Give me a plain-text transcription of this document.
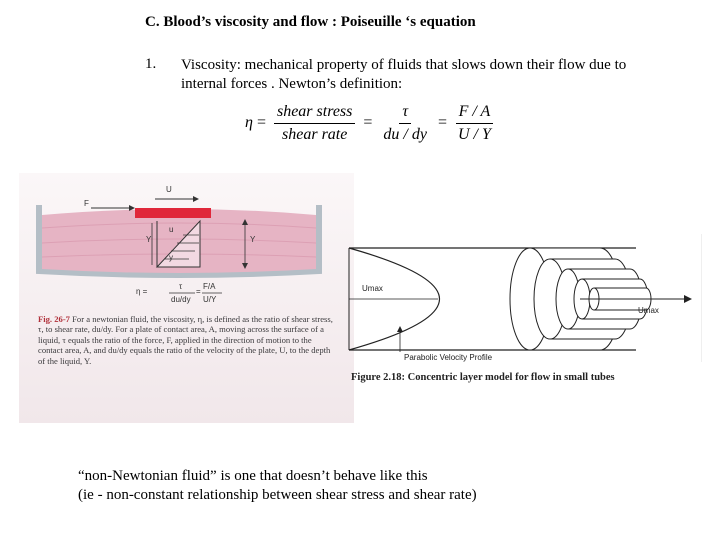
C. Blood’s viscosity and flow : Poiseuille ‘s equation
1. Viscosity: mechanical property of fluids that slows down their flow due to internal forces . Newton’s definition:
$\eta = \frac{\text{shear stress}}{\text{shear rate}} = \frac{\tau}{du / dy} = \frac{F / A}{U / Y}$
U
F
u
Y	Y
y
η =
τ
du/dy
=
F/A
U/Y
Fig. 26-7 For a newtonian fluid, the viscosity, η, is defined as the ratio of shear stress, τ, to shear rate, du/dy. For a plate of contact area, A, moving across the surface of a liquid, τ equals the ratio of the force, F, applied in the direction of motion to the contact area, A, and du/dy equals the ratio of the velocity of the plate, U, to the depth of the liquid, Y.
Umax
Umax
Parabolic Velocity Profile
Figure 2.18: Concentric layer model for flow in small tubes
“non-Newtonian fluid” is one that doesn’t behave like this
(ie - non-constant relationship between shear stress and shear rate)
